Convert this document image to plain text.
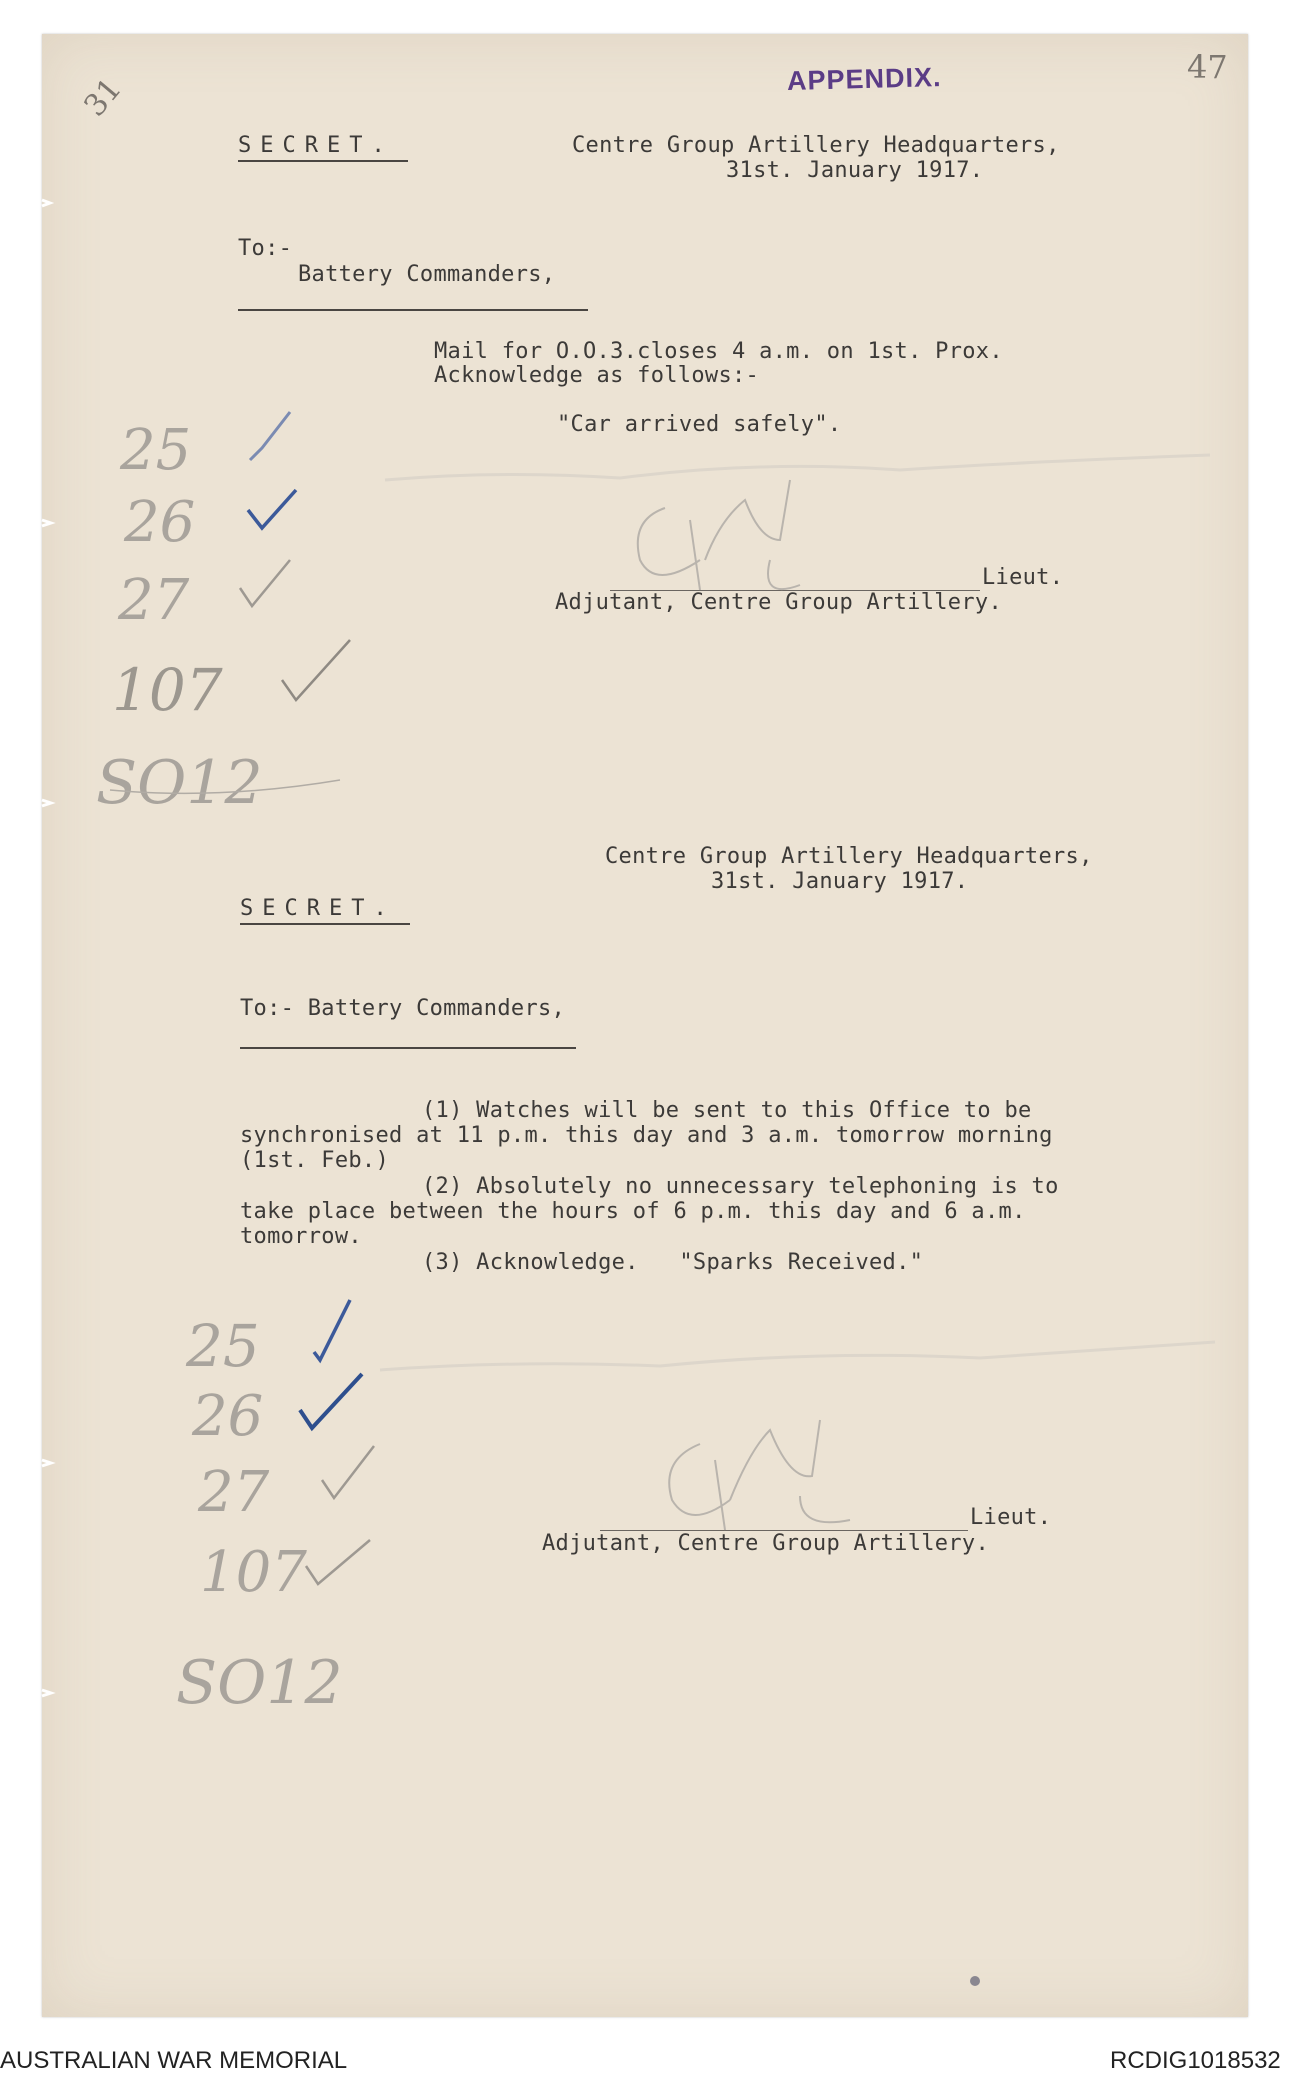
31
47
APPENDIX.
SECRET.	Centre Group Artillery Headquarters,
31st. January 1917.
To:-
Battery Commanders,
Mail for O.O.3.closes 4 a.m. on 1st. Prox.
Acknowledge as follows:-
"Car arrived safely".
Lieut.
Adjutant, Centre Group Artillery.
25
26
27
107
SO12
Centre Group Artillery Headquarters,
31st. January 1917.
SECRET.
To:- Battery Commanders,
(1) Watches will be sent to this Office to be
synchronised at 11 p.m. this day and 3 a.m. tomorrow morning
(1st. Feb.)
(2) Absolutely no unnecessary telephoning is to
take place between the hours of 6 p.m. this day and 6 a.m.
tomorrow.
(3) Acknowledge.   "Sparks Received."
Lieut.
Adjutant, Centre Group Artillery.
25
26
27
107
SO12
AUSTRALIAN WAR MEMORIAL	RCDIG1018532
